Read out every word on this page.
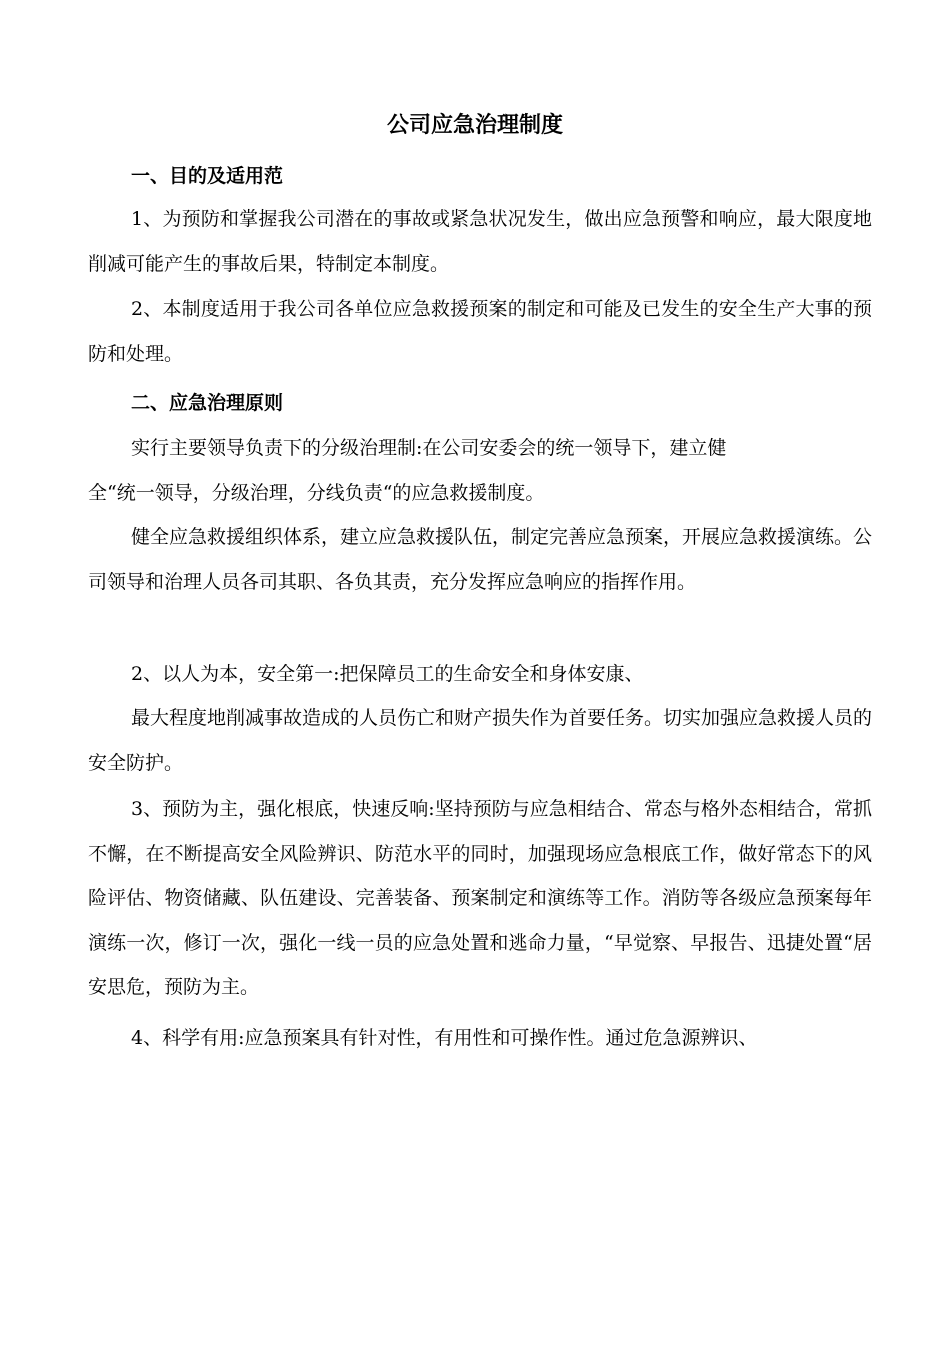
公司应急治理制度
一、目的及适用范

1、为预防和掌握我公司潜在的事故或紧急状况发生，做出应急预警和响应，最大限度地削减可能产生的事故后果，特制定本制度。

2、本制度适用于我公司各单位应急救援预案的制定和可能及已发生的安全生产大事的预防和处理。

二、应急治理原则

实行主要领导负责下的分级治理制:在公司安委会的统一领导下，建立健

全“统一领导，分级治理，分线负责“的应急救援制度。

健全应急救援组织体系，建立应急救援队伍，制定完善应急预案，开展应急救援演练。公司领导和治理人员各司其职、各负其责，充分发挥应急响应的指挥作用。

2、以人为本，安全第一:把保障员工的生命安全和身体安康、

最大程度地削减事故造成的人员伤亡和财产损失作为首要任务。切实加强应急救援人员的安全防护。

3、预防为主，强化根底，快速反响:坚持预防与应急相结合、常态与格外态相结合，常抓不懈，在不断提高安全风险辨识、防范水平的同时，加强现场应急根底工作，做好常态下的风险评估、物资储藏、队伍建设、完善装备、预案制定和演练等工作。消防等各级应急预案每年演练一次，修订一次，强化一线一员的应急处置和逃命力量，“早觉察、早报告、迅捷处置“居安思危，预防为主。

4、科学有用:应急预案具有针对性，有用性和可操作性。通过危急源辨识、
